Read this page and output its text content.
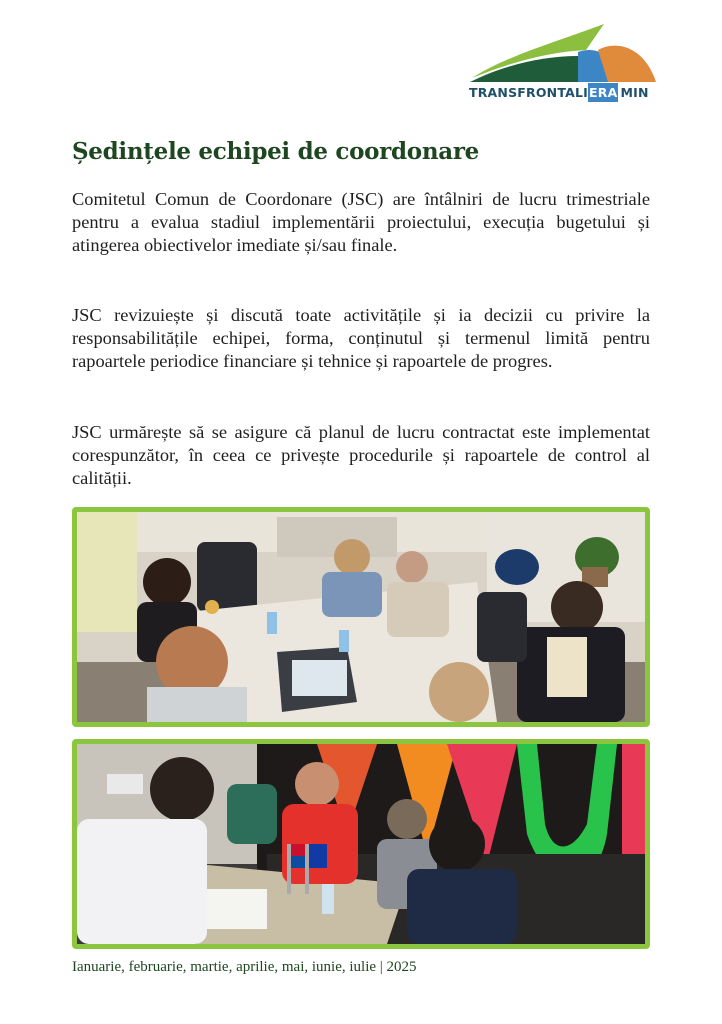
TRANSFRONTALI ERA MIN
Ședințele echipei de coordonare

Comitetul Comun de Coordonare (JSC) are întâlniri de lucru trimestriale pentru a evalua stadiul implementării proiectului, execuția bugetului și atingerea obiectivelor imediate și/sau finale.

JSC revizuiește și discută toate activitățile și ia decizii cu privire la responsabilitățile echipei, forma, conținutul și termenul limită pentru rapoartele periodice financiare și tehnice și rapoartele de progres.

JSC urmărește să se asigure că planul de lucru contractat este implementat corespunzător, în ceea ce privește procedurile și rapoartele de control al calității.

Ianuarie, februarie, martie, aprilie, mai, iunie, iulie | 2025
